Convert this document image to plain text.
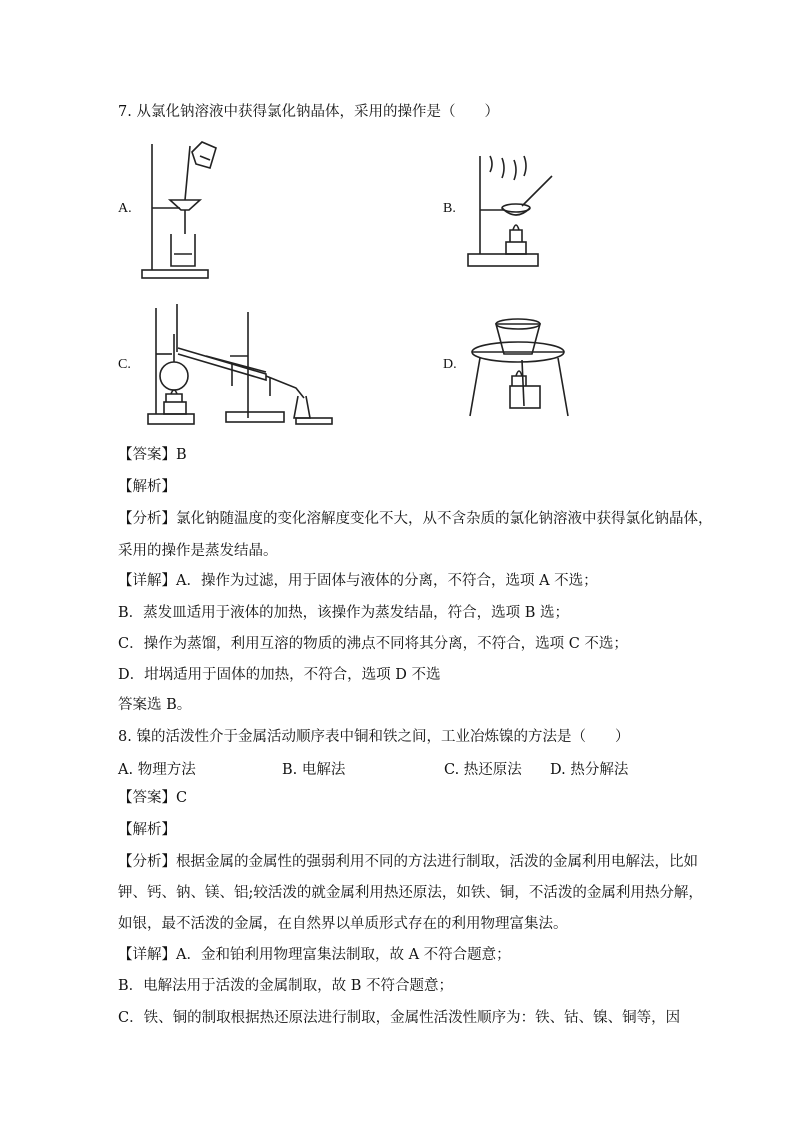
7. 从氯化钠溶液中获得氯化钠晶体，采用的操作是（　　）
A.	B.
C.	D.
【答案】B
【解析】
【分析】氯化钠随温度的变化溶解度变化不大，从不含杂质的氯化钠溶液中获得氯化钠晶体，
采用的操作是蒸发结晶。
【详解】A．操作为过滤，用于固体与液体的分离，不符合，选项 A 不选；
B．蒸发皿适用于液体的加热，该操作为蒸发结晶，符合，选项 B 选；
C．操作为蒸馏，利用互溶的物质的沸点不同将其分离，不符合，选项 C 不选；
D．坩埚适用于固体的加热，不符合，选项 D 不选
答案选 B。
8. 镍的活泼性介于金属活动顺序表中铜和铁之间，工业冶炼镍的方法是（　　）
A. 物理方法	B. 电解法	C. 热还原法 D. 热分解法
【答案】C
【解析】
【分析】根据金属的金属性的强弱利用不同的方法进行制取，活泼的金属利用电解法，比如
钾、钙、钠、镁、铝;较活泼的就金属利用热还原法，如铁、铜，不活泼的金属利用热分解，
如银，最不活泼的金属，在自然界以单质形式存在的利用物理富集法。
【详解】A．金和铂利用物理富集法制取，故 A 不符合题意；
B．电解法用于活泼的金属制取，故 B 不符合题意；
C．铁、铜的制取根据热还原法进行制取，金属性活泼性顺序为：铁、钴、镍、铜等，因
